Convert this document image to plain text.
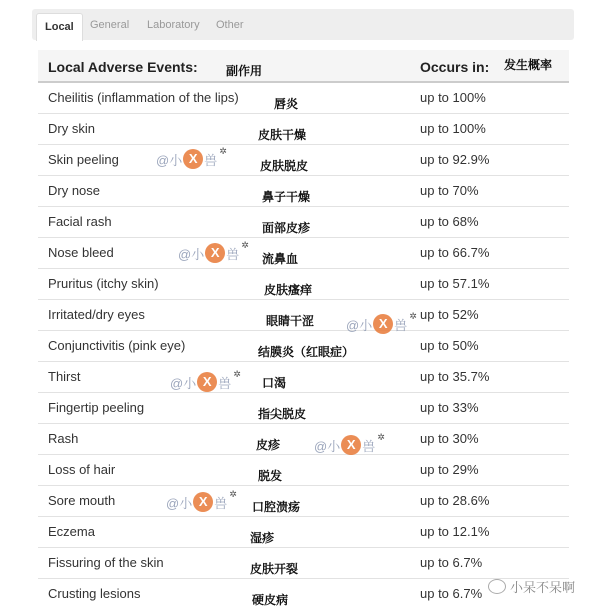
Local	General Laboratory Other
Local Adverse Events: 副作用	Occurs in: 发生概率
Cheilitis (inflammation of the lips)	唇炎	up to 100%
Dry skin	皮肤干燥	up to 100%
Skin peeling	皮肤脱皮	up to 92.9%
Dry nose	鼻子干燥	up to 70%
Facial rash	面部皮疹	up to 68%
Nose bleed	流鼻血	up to 66.7%
Pruritus (itchy skin)	皮肤瘙痒	up to 57.1%
Irritated/dry eyes	眼睛干涩	up to 52%
Conjunctivitis (pink eye)	结膜炎（红眼症）	up to 50%
Thirst	口渴	up to 35.7%
Fingertip peeling	指尖脱皮	up to 33%
Rash	皮疹	up to 30%
Loss of hair	脱发	up to 29%
Sore mouth	口腔溃疡	up to 28.6%
Eczema	湿疹	up to 12.1%
Fissuring of the skin	皮肤开裂	up to 6.7%
Crusting lesions	硬皮病	up to 6.7%
@小 X 兽
✲
@小 X 兽
✲
@小 X 兽
✲
@小 X 兽
✲
@小 X 兽
✲
@小 X 兽
✲
小呆不呆啊
